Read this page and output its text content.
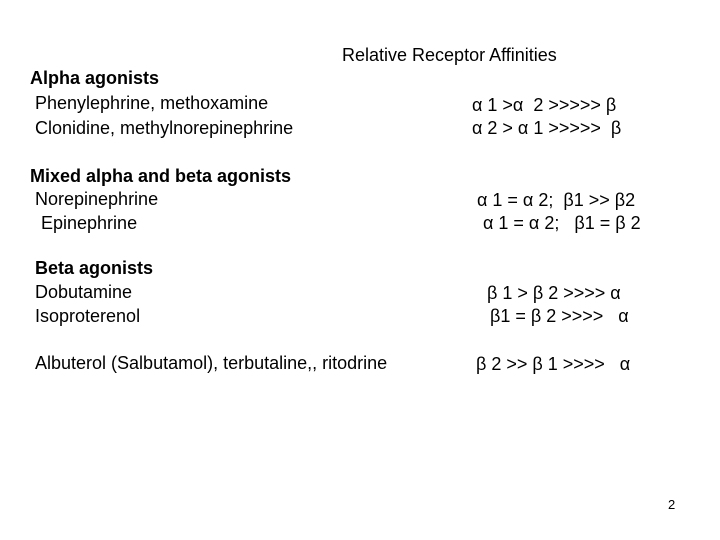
Relative Receptor Affinities
Alpha agonists
Phenylephrine, methoxamine	α 1 >α  2 >>>>> β
Clonidine, methylnorepinephrine	α 2 > α 1 >>>>>  β
Mixed alpha and beta agonists
Norepinephrine	α 1 = α 2;  β1 >> β2
Epinephrine	α 1 = α 2;   β1 = β 2
Beta agonists
Dobutamine	β 1 > β 2 >>>> α
Isoproterenol	β1 = β 2 >>>>   α
Albuterol (Salbutamol), terbutaline,, ritodrine	β 2 >> β 1 >>>>   α
2
